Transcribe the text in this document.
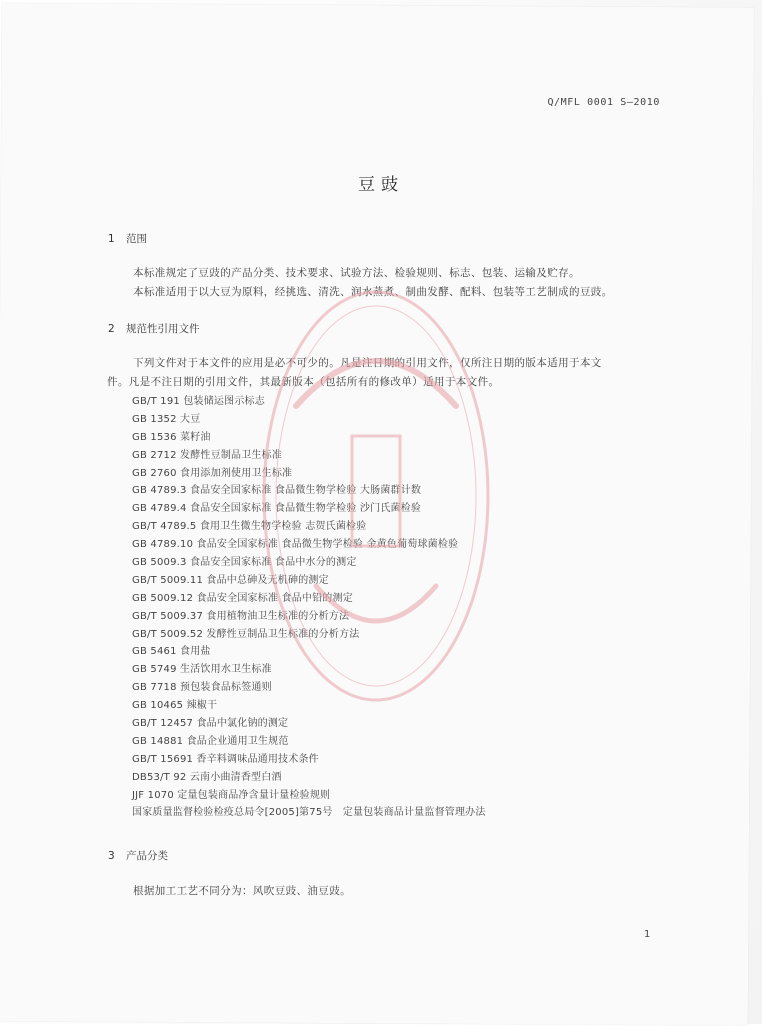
Q/MFL 0001 S—2010
豆豉
1 范围
本标准规定了豆豉的产品分类、技术要求、试验方法、检验规则、标志、包装、运输及贮存。
本标准适用于以大豆为原料，经挑选、清洗、润水蒸煮、制曲发酵、配料、包装等工艺制成的豆豉。
2 规范性引用文件
下列文件对于本文件的应用是必不可少的。凡是注日期的引用文件，仅所注日期的版本适用于本文
件。凡是不注日期的引用文件，其最新版本（包括所有的修改单）适用于本文件。
GB/T 191 包装储运图示标志
GB 1352 大豆
GB 1536 菜籽油
GB 2712 发酵性豆制品卫生标准
GB 2760 食用添加剂使用卫生标准
GB 4789.3 食品安全国家标准 食品微生物学检验 大肠菌群计数
GB 4789.4 食品安全国家标准 食品微生物学检验 沙门氏菌检验
GB/T 4789.5 食用卫生微生物学检验 志贺氏菌检验
GB 4789.10 食品安全国家标准 食品微生物学检验 金黄色葡萄球菌检验
GB 5009.3 食品安全国家标准 食品中水分的测定
GB/T 5009.11 食品中总砷及无机砷的测定
GB 5009.12 食品安全国家标准 食品中铅的测定
GB/T 5009.37 食用植物油卫生标准的分析方法
GB/T 5009.52 发酵性豆制品卫生标准的分析方法
GB 5461 食用盐
GB 5749 生活饮用水卫生标准
GB 7718 预包装食品标签通则
GB 10465 辣椒干
GB/T 12457 食品中氯化钠的测定
GB 14881 食品企业通用卫生规范
GB/T 15691 香辛料调味品通用技术条件
DB53/T 92 云南小曲清香型白酒
JJF 1070 定量包装商品净含量计量检验规则
国家质量监督检验检疫总局令[2005]第75号　定量包装商品计量监督管理办法
3 产品分类
根据加工工艺不同分为：风吹豆豉、油豆豉。
1
